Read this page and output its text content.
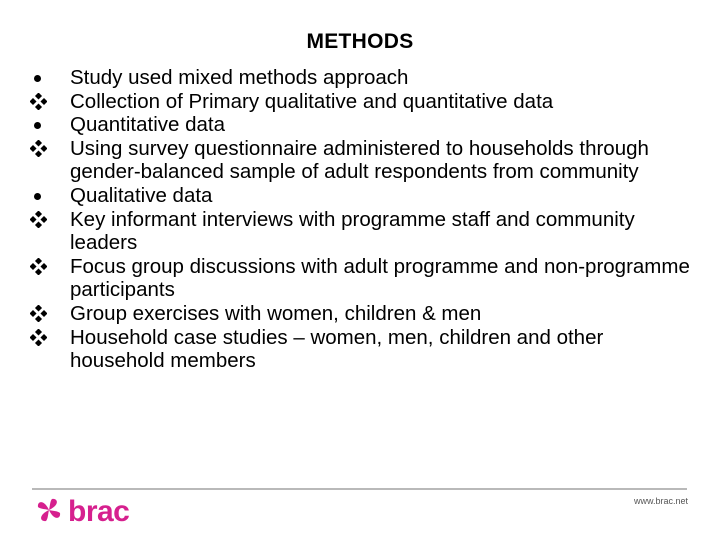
METHODS
Study used mixed methods approach
Collection of Primary qualitative and quantitative data
Quantitative data
Using survey questionnaire administered to households through gender-balanced sample of adult respondents from community
Qualitative data
Key informant interviews with programme staff and community leaders
Focus group discussions with adult programme and non-programme participants
Group exercises with women, children & men
Household case studies – women, men, children and other household members
brac	www.brac.net
